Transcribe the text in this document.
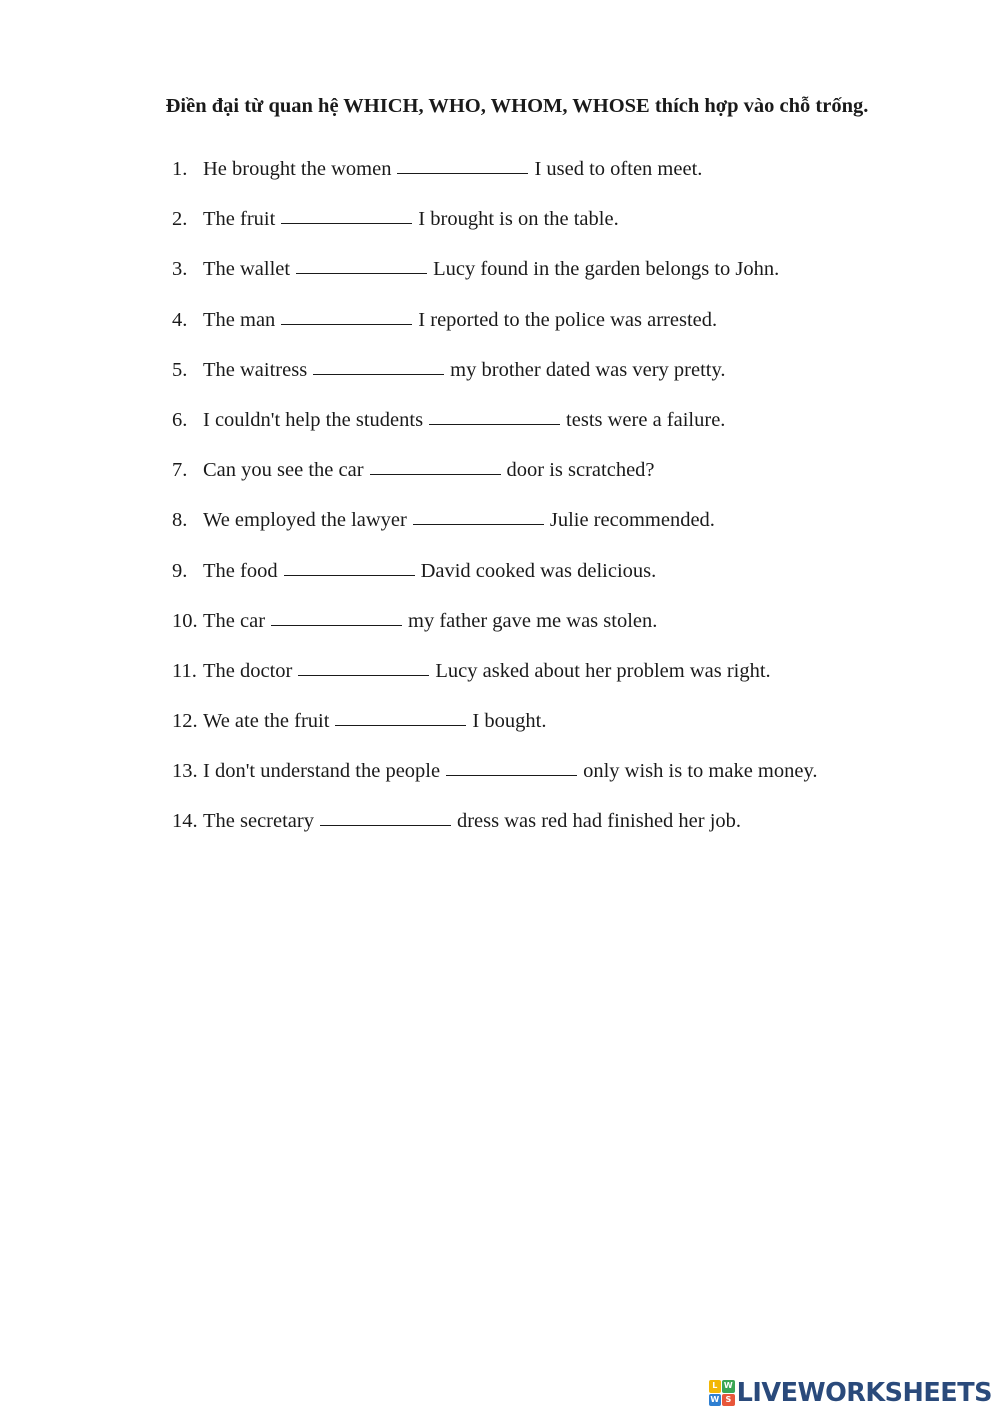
Điền đại từ quan hệ WHICH, WHO, WHOM, WHOSE thích hợp vào chỗ trống.
1. He brought the women	I used to often meet.
2. The fruit	I brought is on the table.
3. The wallet	Lucy found in the garden belongs to John.
4. The man	I reported to the police was arrested.
5. The waitress	my brother dated was very pretty.
6. I couldn't help the students	tests were a failure.
7. Can you see the car	door is scratched?
8. We employed the lawyer	Julie recommended.
9. The food	David cooked was delicious.
10. The car	my father gave me was stolen.
11. The doctor	Lucy asked about her problem was right.
12. We ate the fruit	I bought.
13. I don't understand the people	only wish is to make money.
14. The secretary	dress was red had finished her job.
L W
W S LIVEWORKSHEETS
